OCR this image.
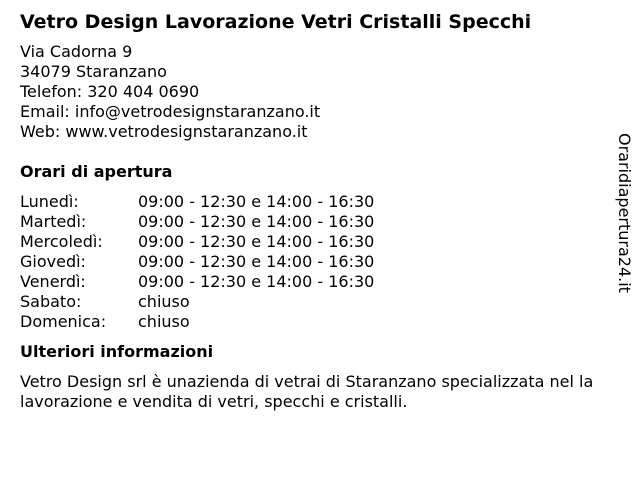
Vetro Design Lavorazione Vetri Cristalli Specchi
Via Cadorna 9
34079 Staranzano
Telefon: 320 404 0690
Email: info@vetrodesignstaranzano.it
Web: www.vetrodesignstaranzano.it
Orari di apertura
Lunedì:	09:00 - 12:30 e 14:00 - 16:30
Martedì:	09:00 - 12:30 e 14:00 - 16:30
Mercoledì:	09:00 - 12:30 e 14:00 - 16:30
Giovedì:	09:00 - 12:30 e 14:00 - 16:30
Venerdì:	09:00 - 12:30 e 14:00 - 16:30
Sabato:	chiuso
Domenica:	chiuso
Ulteriori informazioni

Vetro Design srl è unazienda di vetrai di Staranzano specializzata nel la lavorazione e vendita di vetri, specchi e cristalli.

Oraridiapertura24.it
